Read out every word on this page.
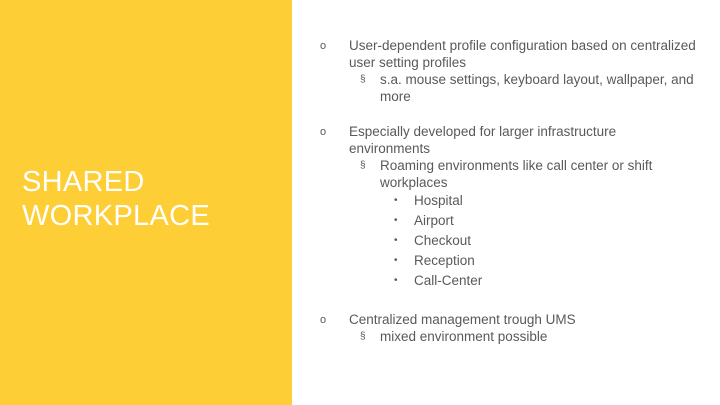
SHARED
WORKPLACE
o User-dependent profile configuration based on centralized user setting profiles
§ s.a. mouse settings, keyboard layout, wallpaper, and more
o Especially developed for larger infrastructure environments
§ Roaming environments like call center or shift workplaces
• Hospital
• Airport
• Checkout
• Reception
• Call-Center
o Centralized management trough UMS
§ mixed environment possible
